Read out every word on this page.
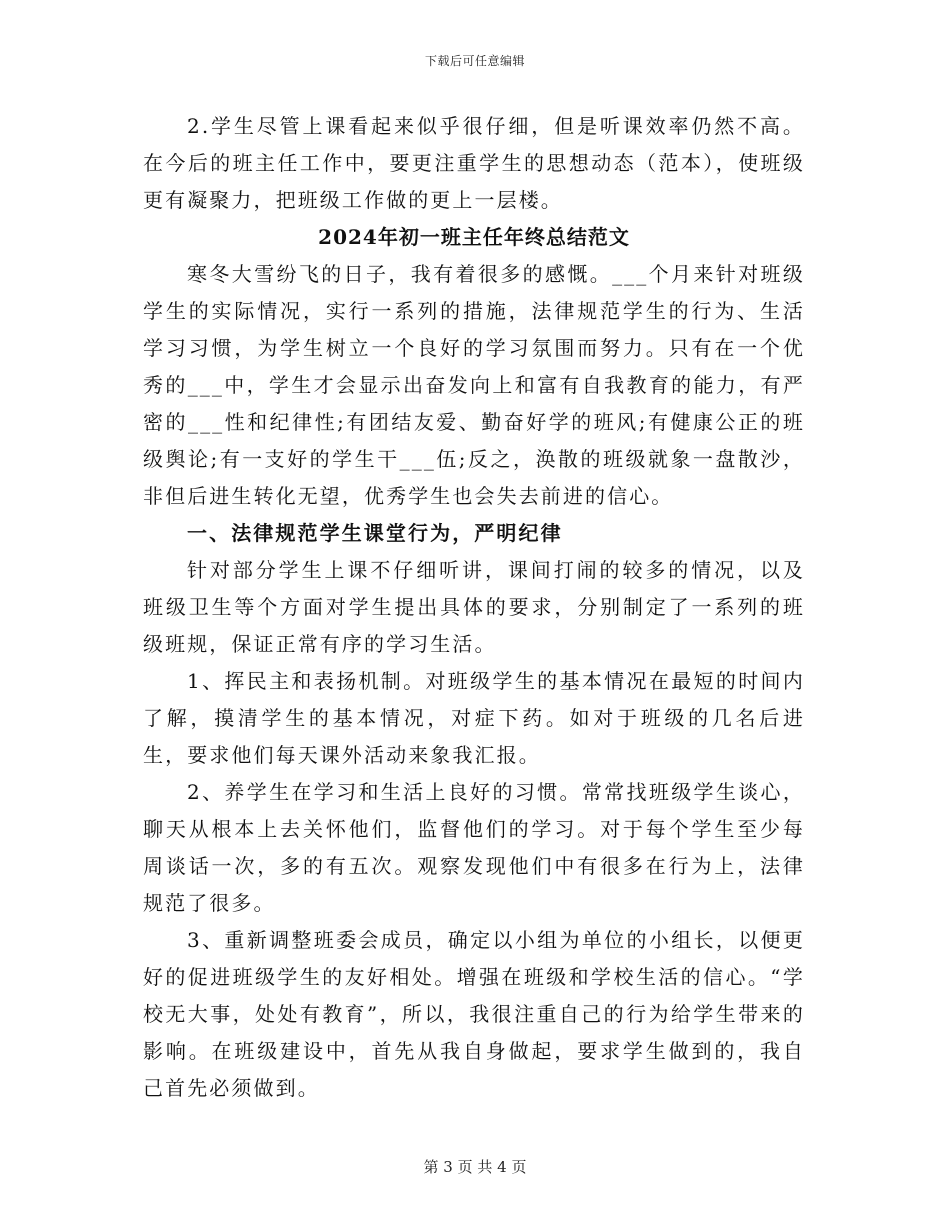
下载后可任意编辑

2.学生尽管上课看起来似乎很仔细，但是听课效率仍然不高。在今后的班主任工作中，要更注重学生的思想动态（范本），使班级更有凝聚力，把班级工作做的更上一层楼。

2024年初一班主任年终总结范文

寒冬大雪纷飞的日子，我有着很多的感慨。___个月来针对班级学生的实际情况，实行一系列的措施，法律规范学生的行为、生活学习习惯，为学生树立一个良好的学习氛围而努力。只有在一个优秀的___中，学生才会显示出奋发向上和富有自我教育的能力，有严密的___性和纪律性;有团结友爱、勤奋好学的班风;有健康公正的班级舆论;有一支好的学生干___伍;反之，涣散的班级就象一盘散沙，非但后进生转化无望，优秀学生也会失去前进的信心。

一、法律规范学生课堂行为，严明纪律

针对部分学生上课不仔细听讲，课间打闹的较多的情况，以及班级卫生等个方面对学生提出具体的要求，分别制定了一系列的班级班规，保证正常有序的学习生活。

1、挥民主和表扬机制。对班级学生的基本情况在最短的时间内了解，摸清学生的基本情况，对症下药。如对于班级的几名后进生，要求他们每天课外活动来象我汇报。

2、养学生在学习和生活上良好的习惯。常常找班级学生谈心，聊天从根本上去关怀他们，监督他们的学习。对于每个学生至少每周谈话一次，多的有五次。观察发现他们中有很多在行为上，法律规范了很多。

3、重新调整班委会成员，确定以小组为单位的小组长，以便更好的促进班级学生的友好相处。增强在班级和学校生活的信心。“学校无大事，处处有教育”，所以，我很注重自己的行为给学生带来的影响。在班级建设中，首先从我自身做起，要求学生做到的，我自己首先必须做到。

第 3 页 共 4 页
